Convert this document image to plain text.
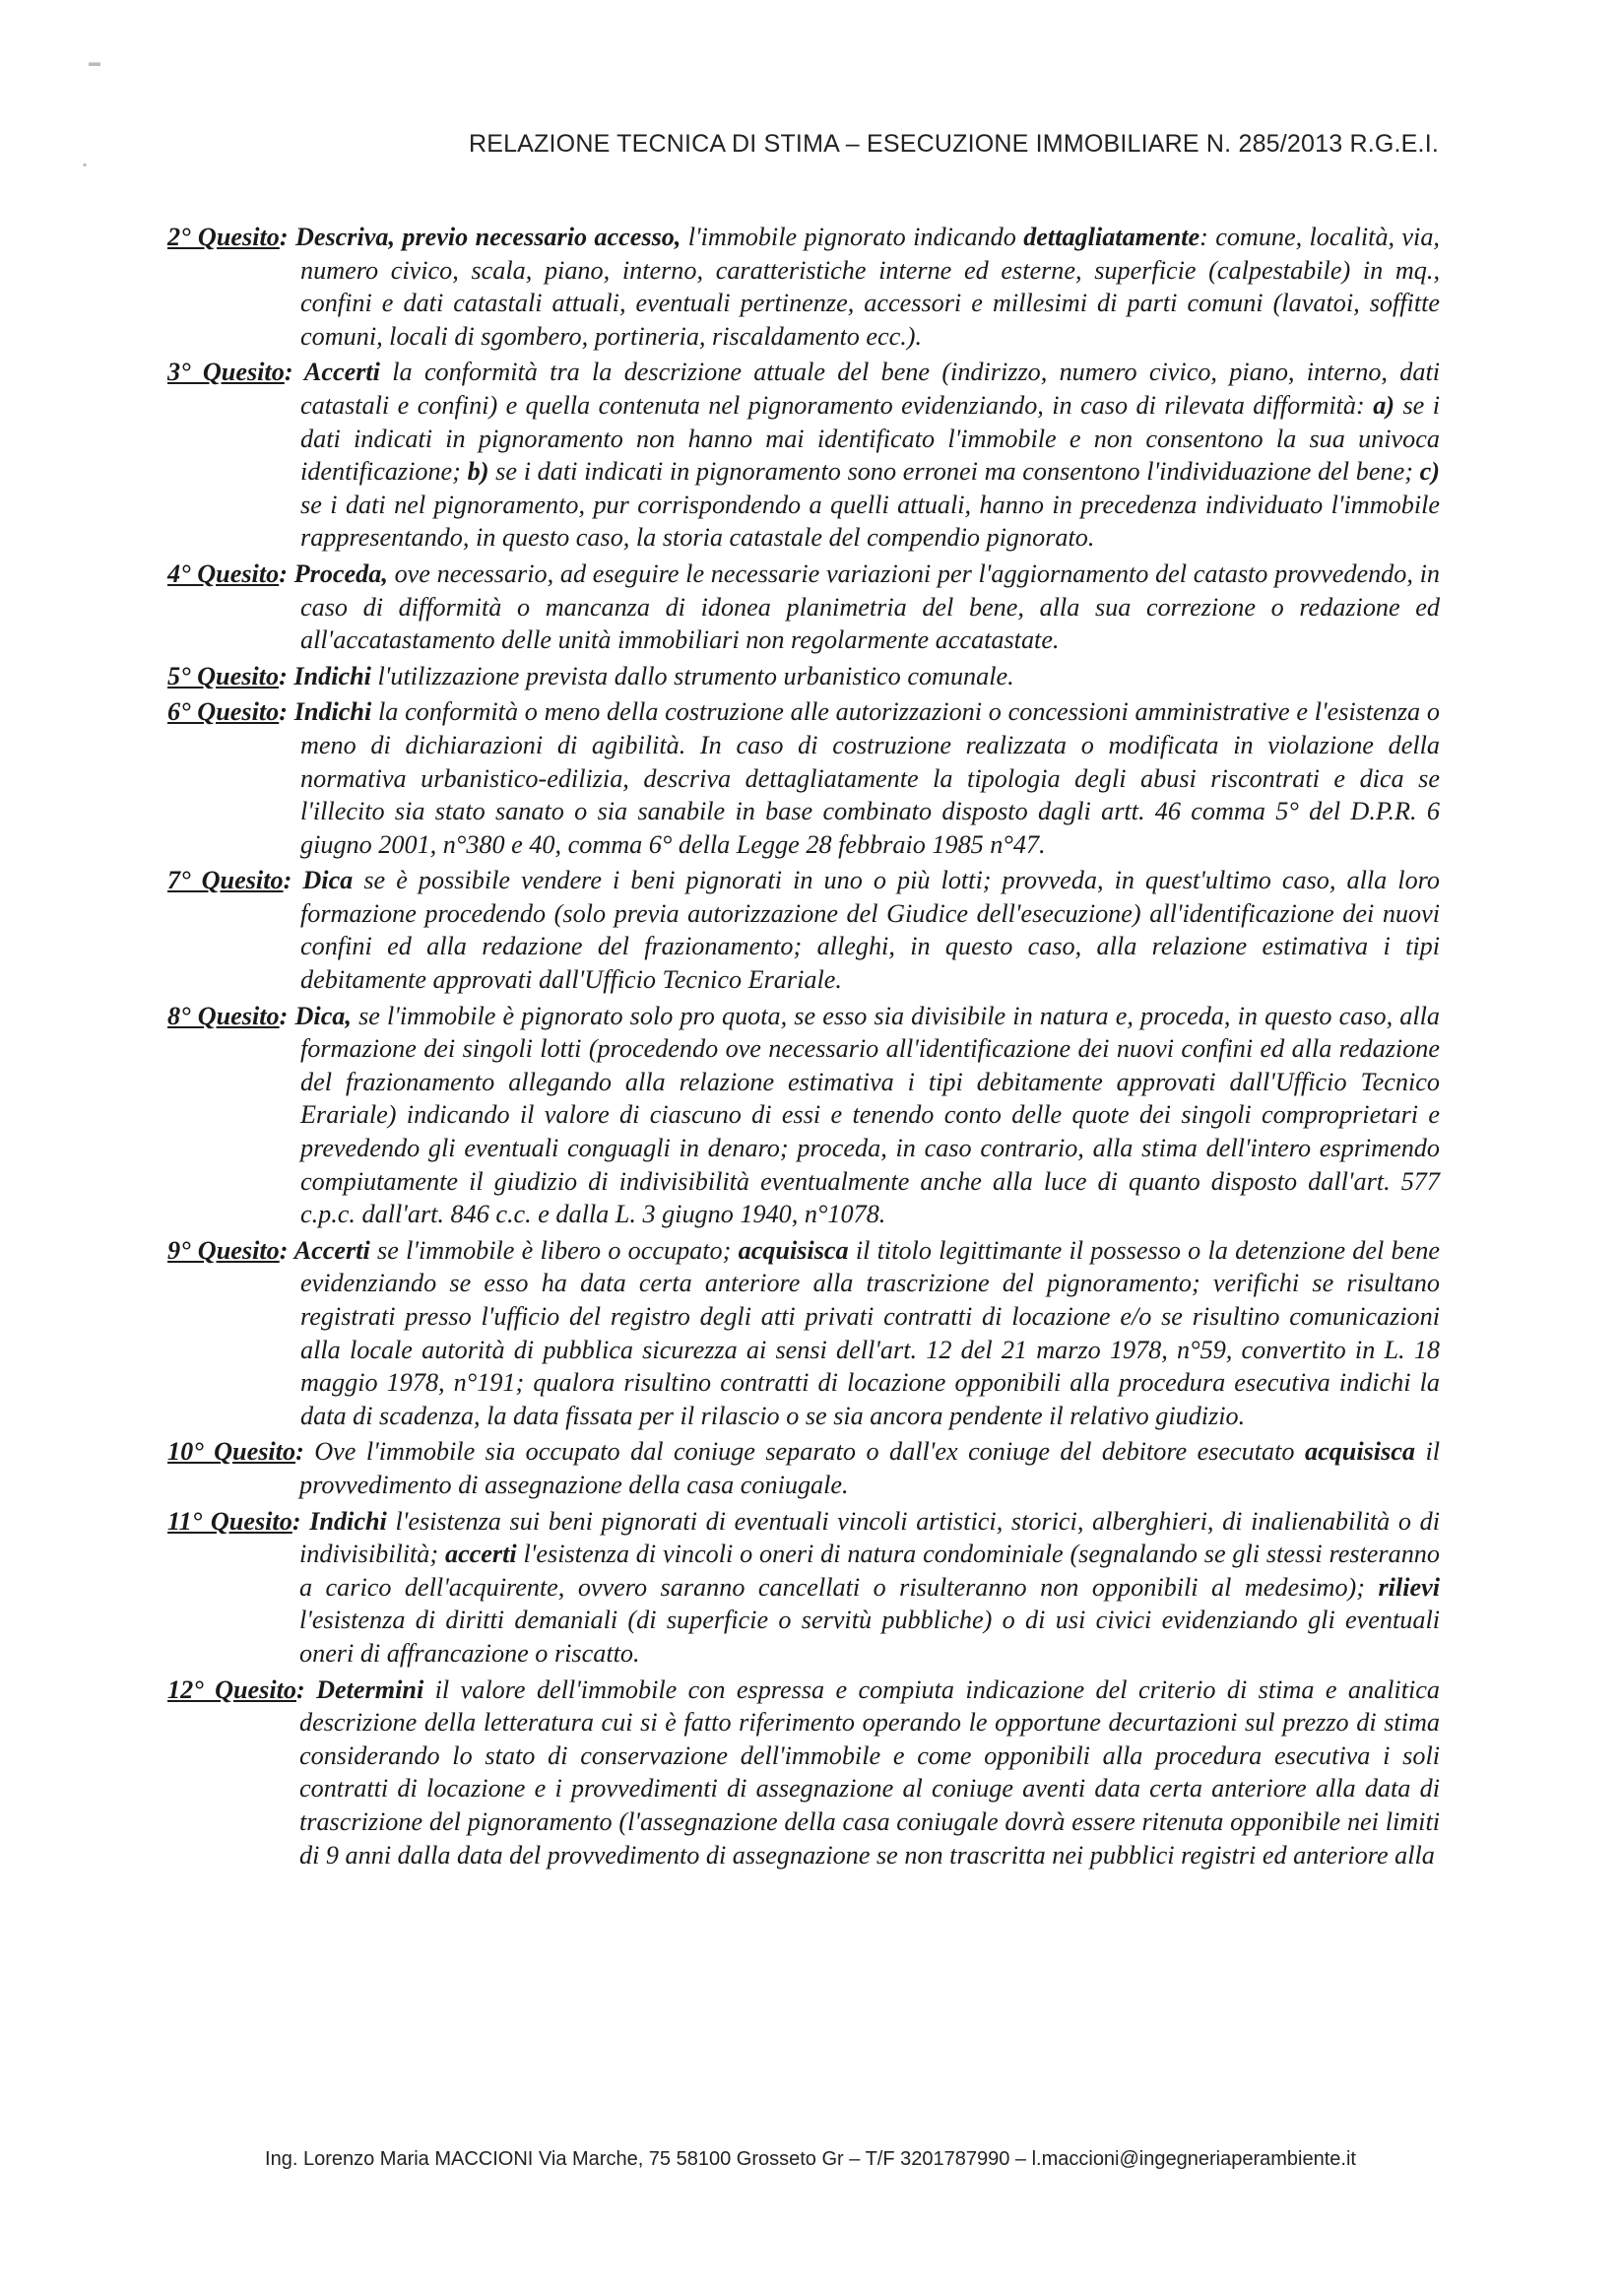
▬
▪
RELAZIONE TECNICA DI STIMA – ESECUZIONE IMMOBILIARE N. 285/2013 R.G.E.I.

2° Quesito: Descriva, previo necessario accesso, l'immobile pignorato indicando dettagliatamente: comune, località, via, numero civico, scala, piano, interno, caratteristiche interne ed esterne, superficie (calpestabile) in mq., confini e dati catastali attuali, eventuali pertinenze, accessori e millesimi di parti comuni (lavatoi, soffitte comuni, locali di sgombero, portineria, riscaldamento ecc.).

3° Quesito: Accerti la conformità tra la descrizione attuale del bene (indirizzo, numero civico, piano, interno, dati catastali e confini) e quella contenuta nel pignoramento evidenziando, in caso di rilevata difformità: a) se i dati indicati in pignoramento non hanno mai identificato l'immobile e non consentono la sua univoca identificazione; b) se i dati indicati in pignoramento sono erronei ma consentono l'individuazione del bene; c) se i dati nel pignoramento, pur corrispondendo a quelli attuali, hanno in precedenza individuato l'immobile rappresentando, in questo caso, la storia catastale del compendio pignorato.

4° Quesito: Proceda, ove necessario, ad eseguire le necessarie variazioni per l'aggiornamento del catasto provvedendo, in caso di difformità o mancanza di idonea planimetria del bene, alla sua correzione o redazione ed all'accatastamento delle unità immobiliari non regolarmente accatastate.

5° Quesito: Indichi l'utilizzazione prevista dallo strumento urbanistico comunale.

6° Quesito: Indichi la conformità o meno della costruzione alle autorizzazioni o concessioni amministrative e l'esistenza o meno di dichiarazioni di agibilità. In caso di costruzione realizzata o modificata in violazione della normativa urbanistico-edilizia, descriva dettagliatamente la tipologia degli abusi riscontrati e dica se l'illecito sia stato sanato o sia sanabile in base combinato disposto dagli artt. 46 comma 5° del D.P.R. 6 giugno 2001, n°380 e 40, comma 6° della Legge 28 febbraio 1985 n°47.

7° Quesito: Dica se è possibile vendere i beni pignorati in uno o più lotti; provveda, in quest'ultimo caso, alla loro formazione procedendo (solo previa autorizzazione del Giudice dell'esecuzione) all'identificazione dei nuovi confini ed alla redazione del frazionamento; alleghi, in questo caso, alla relazione estimativa i tipi debitamente approvati dall'Ufficio Tecnico Erariale.

8° Quesito: Dica, se l'immobile è pignorato solo pro quota, se esso sia divisibile in natura e, proceda, in questo caso, alla formazione dei singoli lotti (procedendo ove necessario all'identificazione dei nuovi confini ed alla redazione del frazionamento allegando alla relazione estimativa i tipi debitamente approvati dall'Ufficio Tecnico Erariale) indicando il valore di ciascuno di essi e tenendo conto delle quote dei singoli comproprietari e prevedendo gli eventuali conguagli in denaro; proceda, in caso contrario, alla stima dell'intero esprimendo compiutamente il giudizio di indivisibilità eventualmente anche alla luce di quanto disposto dall'art. 577 c.p.c. dall'art. 846 c.c. e dalla L. 3 giugno 1940, n°1078.

9° Quesito: Accerti se l'immobile è libero o occupato; acquisisca il titolo legittimante il possesso o la detenzione del bene evidenziando se esso ha data certa anteriore alla trascrizione del pignoramento; verifichi se risultano registrati presso l'ufficio del registro degli atti privati contratti di locazione e/o se risultino comunicazioni alla locale autorità di pubblica sicurezza ai sensi dell'art. 12 del 21 marzo 1978, n°59, convertito in L. 18 maggio 1978, n°191; qualora risultino contratti di locazione opponibili alla procedura esecutiva indichi la data di scadenza, la data fissata per il rilascio o se sia ancora pendente il relativo giudizio.

10° Quesito: Ove l'immobile sia occupato dal coniuge separato o dall'ex coniuge del debitore esecutato acquisisca il provvedimento di assegnazione della casa coniugale.

11° Quesito: Indichi l'esistenza sui beni pignorati di eventuali vincoli artistici, storici, alberghieri, di inalienabilità o di indivisibilità; accerti l'esistenza di vincoli o oneri di natura condominiale (segnalando se gli stessi resteranno a carico dell'acquirente, ovvero saranno cancellati o risulteranno non opponibili al medesimo); rilievi l'esistenza di diritti demaniali (di superficie o servitù pubbliche) o di usi civici evidenziando gli eventuali oneri di affrancazione o riscatto.

12° Quesito: Determini il valore dell'immobile con espressa e compiuta indicazione del criterio di stima e analitica descrizione della letteratura cui si è fatto riferimento operando le opportune decurtazioni sul prezzo di stima considerando lo stato di conservazione dell'immobile e come opponibili alla procedura esecutiva i soli contratti di locazione e i provvedimenti di assegnazione al coniuge aventi data certa anteriore alla data di trascrizione del pignoramento (l'assegnazione della casa coniugale dovrà essere ritenuta opponibile nei limiti di 9 anni dalla data del provvedimento di assegnazione se non trascritta nei pubblici registri ed anteriore alla

Ing. Lorenzo Maria MACCIONI Via Marche, 75 58100 Grosseto Gr – T/F 3201787990 – l.maccioni@ingegneriaperambiente.it
